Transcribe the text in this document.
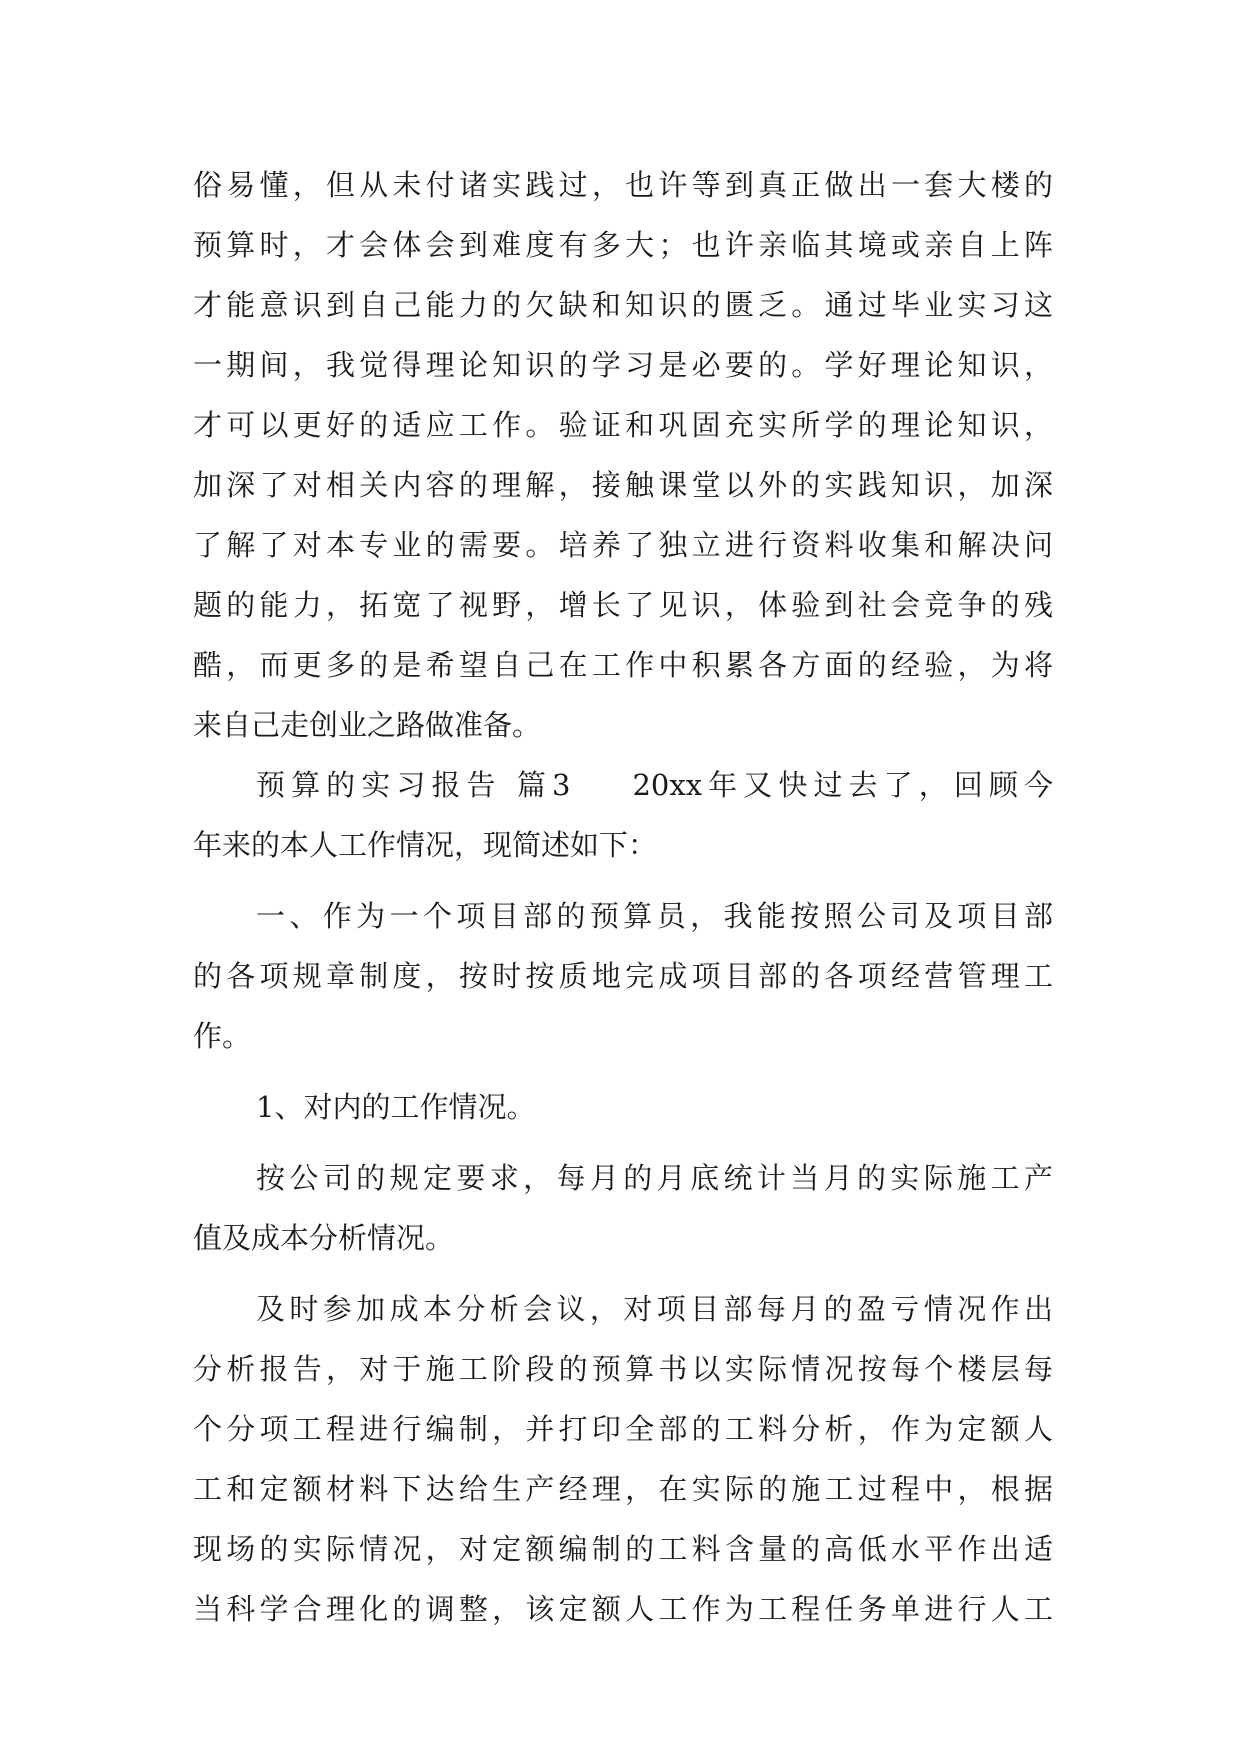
俗易懂，但从未付诸实践过，也许等到真正做出一套大楼的
预算时，才会体会到难度有多大；也许亲临其境或亲自上阵
才能意识到自己能力的欠缺和知识的匮乏。通过毕业实习这
一期间，我觉得理论知识的学习是必要的。学好理论知识，
才可以更好的适应工作。验证和巩固充实所学的理论知识，
加深了对相关内容的理解，接触课堂以外的实践知识，加深
了解了对本专业的需要。培养了独立进行资料收集和解决问
题的能力，拓宽了视野，增长了见识，体验到社会竞争的残
酷，而更多的是希望自己在工作中积累各方面的经验，为将
来自己走创业之路做准备。
预算的实习报告 篇3 20xx年又快过去了，回顾今
年来的本人工作情况，现简述如下：
一、作为一个项目部的预算员，我能按照公司及项目部
的各项规章制度，按时按质地完成项目部的各项经营管理工
作。
1、对内的工作情况。
按公司的规定要求，每月的月底统计当月的实际施工产
值及成本分析情况。
及时参加成本分析会议，对项目部每月的盈亏情况作出
分析报告，对于施工阶段的预算书以实际情况按每个楼层每
个分项工程进行编制，并打印全部的工料分析，作为定额人
工和定额材料下达给生产经理，在实际的施工过程中，根据
现场的实际情况，对定额编制的工料含量的高低水平作出适
当科学合理化的调整，该定额人工作为工程任务单进行人工
